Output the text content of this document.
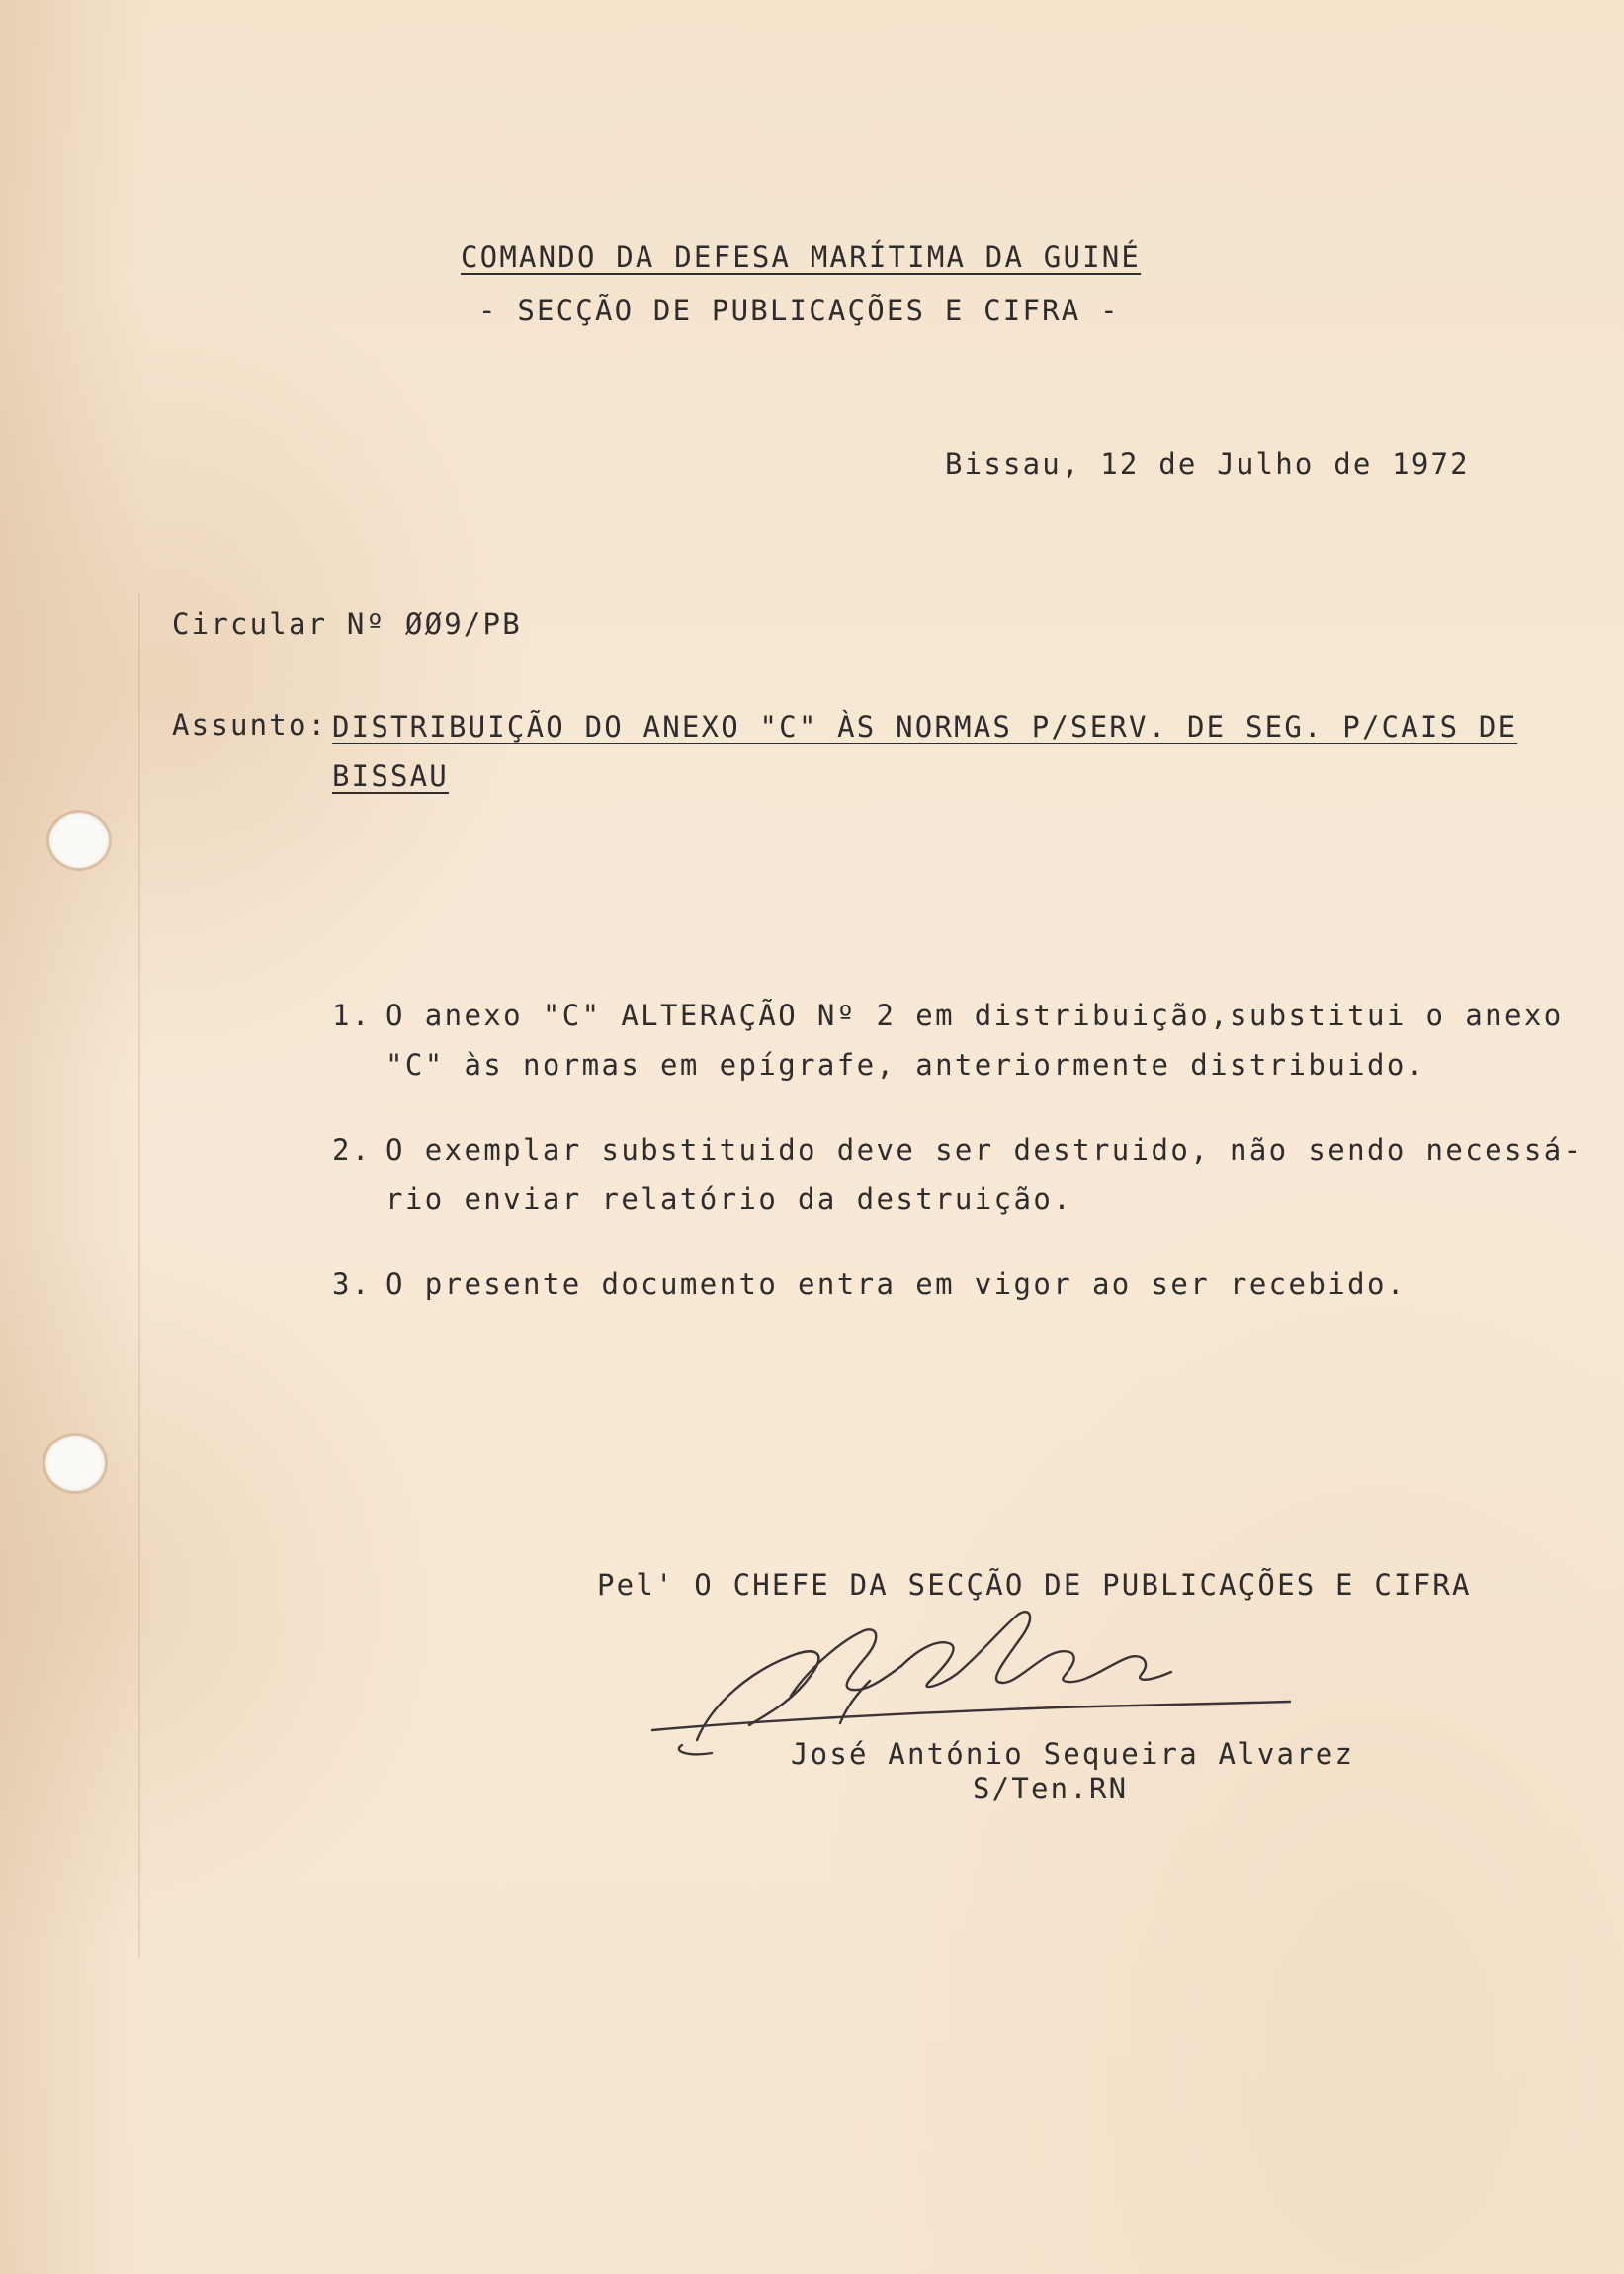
COMANDO DA DEFESA MARÍTIMA DA GUINÉ
- SECÇÃO DE PUBLICAÇÕES E CIFRA -
Bissau, 12 de Julho de 1972
Circular Nº ØØ9/PB
Assunto: DISTRIBUIÇÃO DO ANEXO "C" ÀS NORMAS P/SERV. DE SEG. P/CAIS DE
BISSAU
1. O anexo "C" ALTERAÇÃO Nº 2 em distribuição,substitui o anexo
"C" às normas em epígrafe, anteriormente distribuido.
2. O exemplar substituido deve ser destruido, não sendo necessá-
rio enviar relatório da destruição.
3. O presente documento entra em vigor ao ser recebido.
Pel' O CHEFE DA SECÇÃO DE PUBLICAÇÕES E CIFRA
José António Sequeira Alvarez
S/Ten.RN
